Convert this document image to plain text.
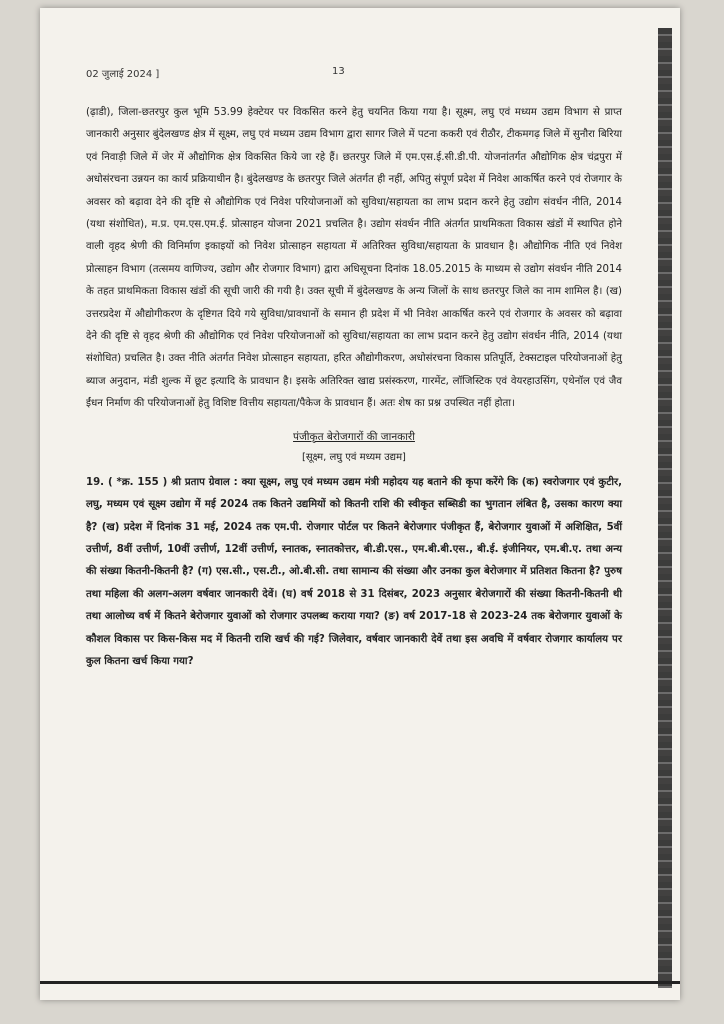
02 जुलाई 2024 ]	13

(ढ़ाडी), जिला-छतरपुर कुल भूमि 53.99 हेक्टेयर पर विकसित करने हेतु चयनित किया गया है। सूक्ष्म, लघु एवं मध्यम उद्यम विभाग से प्राप्त जानकारी अनुसार बुंदेलखण्ड क्षेत्र में सूक्ष्म, लघु एवं मध्यम उद्यम विभाग द्वारा सागर जिले में पटना ककरी एवं रीठौर, टीकमगढ़ जिले में सुनौरा बिरिया एवं निवाड़ी जिले में जेर में औद्योगिक क्षेत्र विकसित किये जा रहे हैं। छतरपुर जिले में एम.एस.ई.सी.डी.पी. योजनांतर्गत औद्योगिक क्षेत्र चंद्रपुरा में अधोसंरचना उन्नयन का कार्य प्रक्रियाधीन है। बुंदेलखण्ड के छतरपुर जिले अंतर्गत ही नहीं, अपितु संपूर्ण प्रदेश में निवेश आकर्षित करने एवं रोजगार के अवसर को बढ़ावा देने की दृष्टि से औद्योगिक एवं निवेश परियोजनाओं को सुविधा/सहायता का लाभ प्रदान करने हेतु उद्योग संवर्धन नीति, 2014 (यथा संशोधित), म.प्र. एम.एस.एम.ई. प्रोत्साहन योजना 2021 प्रचलित है। उद्योग संवर्धन नीति अंतर्गत प्राथमिकता विकास खंडों में स्थापित होने वाली वृहद श्रेणी की विनिर्माण इकाइयों को निवेश प्रोत्साहन सहायता में अतिरिक्त सुविधा/सहायता के प्रावधान है। औद्योगिक नीति एवं निवेश प्रोत्साहन विभाग (तत्समय वाणिज्य, उद्योग और रोजगार विभाग) द्वारा अधिसूचना दिनांक 18.05.2015 के माध्यम से उद्योग संवर्धन नीति 2014 के तहत प्राथमिकता विकास खंडों की सूची जारी की गयी है। उक्त सूची में बुंदेलखण्ड के अन्य जिलों के साथ छतरपुर जिले का नाम शामिल है। (ख) उत्तरप्रदेश में औद्योगीकरण के दृष्टिगत दिये गये सुविधा/प्रावधानों के समान ही प्रदेश में भी निवेश आकर्षित करने एवं रोजगार के अवसर को बढ़ावा देने की दृष्टि से वृहद श्रेणी की औद्योगिक एवं निवेश परियोजनाओं को सुविधा/सहायता का लाभ प्रदान करने हेतु उद्योग संवर्धन नीति, 2014 (यथा संशोधित) प्रचलित है। उक्त नीति अंतर्गत निवेश प्रोत्साहन सहायता, हरित औद्योगीकरण, अधोसंरचना विकास प्रतिपूर्ति, टेक्सटाइल परियोजनाओं हेतु ब्याज अनुदान, मंडी शुल्क में छूट इत्यादि के प्रावधान है। इसके अतिरिक्त खाद्य प्रसंस्करण, गारमेंट, लॉजिस्टिक एवं वेयरहाउसिंग, एथेनॉल एवं जैव ईंधन निर्माण की परियोजनाओं हेतु विशिष्ट वित्तीय सहायता/पैकेज के प्रावधान हैं। अतः शेष का प्रश्न उपस्थित नहीं होता।

पंजीकृत बेरोजगारों की जानकारी
[सूक्ष्म, लघु एवं मध्यम उद्यम]

19. ( *क्र. 155 ) श्री प्रताप ग्रेवाल : क्या सूक्ष्म, लघु एवं मध्यम उद्यम मंत्री महोदय यह बताने की कृपा करेंगे कि (क) स्वरोजगार एवं कुटीर, लघु, मध्यम एवं सूक्ष्म उद्योग में मई 2024 तक कितने उद्यमियों को कितनी राशि की स्वीकृत सब्सिडी का भुगतान लंबित है, उसका कारण क्या है? (ख) प्रदेश में दिनांक 31 मई, 2024 तक एम.पी. रोजगार पोर्टल पर कितने बेरोजगार पंजीकृत हैं, बेरोजगार युवाओं में अशिक्षित, 5वीं उत्तीर्ण, 8वीं उत्तीर्ण, 10वीं उत्तीर्ण, 12वीं उत्तीर्ण, स्नातक, स्नातकोत्तर, बी.डी.एस., एम.बी.बी.एस., बी.ई. इंजीनियर, एम.बी.ए. तथा अन्य की संख्या कितनी-कितनी है? (ग) एस.सी., एस.टी., ओ.बी.सी. तथा सामान्य की संख्या और उनका कुल बेरोजगार में प्रतिशत कितना है? पुरुष तथा महिला की अलग-अलग वर्षवार जानकारी देवें। (घ) वर्ष 2018 से 31 दिसंबर, 2023 अनुसार बेरोजगारों की संख्या कितनी-कितनी थी तथा आलोच्य वर्ष में कितने बेरोजगार युवाओं को रोजगार उपलब्ध कराया गया? (ङ) वर्ष 2017-18 से 2023-24 तक बेरोजगार युवाओं के कौशल विकास पर किस-किस मद में कितनी राशि खर्च की गई? जिलेवार, वर्षवार जानकारी देवें तथा इस अवधि में वर्षवार रोजगार कार्यालय पर कुल कितना खर्च किया गया?
